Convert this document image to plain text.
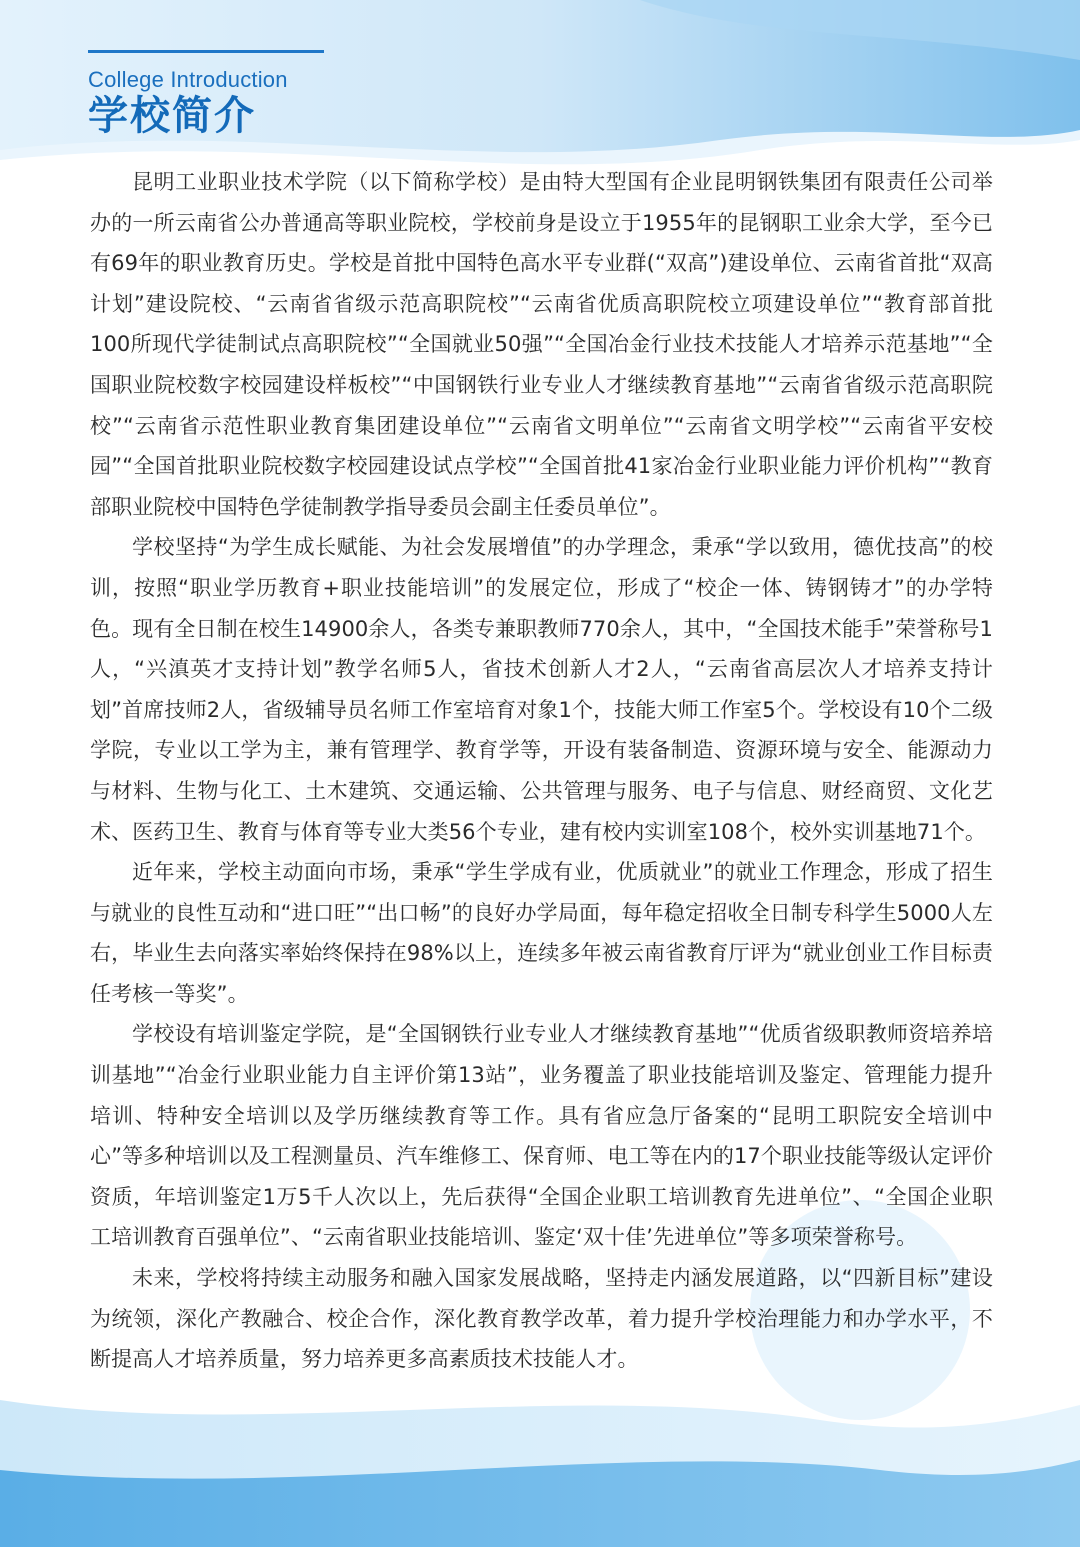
College Introduction
学校简介

昆明工业职业技术学院（以下简称学校）是由特大型国有企业昆明钢铁集团有限责任公司举办的一所云南省公办普通高等职业院校，学校前身是设立于1955年的昆钢职工业余大学，至今已有69年的职业教育历史。学校是首批中国特色高水平专业群(“双高”)建设单位、云南省首批“双高计划”建设院校、“云南省省级示范高职院校”“云南省优质高职院校立项建设单位”“教育部首批100所现代学徒制试点高职院校”“全国就业50强”“全国冶金行业技术技能人才培养示范基地”“全国职业院校数字校园建设样板校”“中国钢铁行业专业人才继续教育基地”“云南省省级示范高职院校”“云南省示范性职业教育集团建设单位”“云南省文明单位”“云南省文明学校”“云南省平安校园”“全国首批职业院校数字校园建设试点学校”“全国首批41家冶金行业职业能力评价机构”“教育部职业院校中国特色学徒制教学指导委员会副主任委员单位”。

学校坚持“为学生成长赋能、为社会发展增值”的办学理念，秉承“学以致用，德优技高”的校训，按照“职业学历教育+职业技能培训”的发展定位，形成了“校企一体、铸钢铸才”的办学特色。现有全日制在校生14900余人，各类专兼职教师770余人，其中，“全国技术能手”荣誉称号1人，“兴滇英才支持计划”教学名师5人，省技术创新人才2人，“云南省高层次人才培养支持计划”首席技师2人，省级辅导员名师工作室培育对象1个，技能大师工作室5个。学校设有10个二级学院，专业以工学为主，兼有管理学、教育学等，开设有装备制造、资源环境与安全、能源动力与材料、生物与化工、土木建筑、交通运输、公共管理与服务、电子与信息、财经商贸、文化艺术、医药卫生、教育与体育等专业大类56个专业，建有校内实训室108个，校外实训基地71个。

近年来，学校主动面向市场，秉承“学生学成有业，优质就业”的就业工作理念，形成了招生与就业的良性互动和“进口旺”“出口畅”的良好办学局面，每年稳定招收全日制专科学生5000人左右，毕业生去向落实率始终保持在98%以上，连续多年被云南省教育厅评为“就业创业工作目标责任考核一等奖”。

学校设有培训鉴定学院，是“全国钢铁行业专业人才继续教育基地”“优质省级职教师资培养培训基地”“冶金行业职业能力自主评价第13站”，业务覆盖了职业技能培训及鉴定、管理能力提升培训、特种安全培训以及学历继续教育等工作。具有省应急厅备案的“昆明工职院安全培训中心”等多种培训以及工程测量员、汽车维修工、保育师、电工等在内的17个职业技能等级认定评价资质，年培训鉴定1万5千人次以上，先后获得“全国企业职工培训教育先进单位”、“全国企业职工培训教育百强单位”、“云南省职业技能培训、鉴定‘双十佳’先进单位”等多项荣誉称号。

未来，学校将持续主动服务和融入国家发展战略，坚持走内涵发展道路，以“四新目标”建设为统领，深化产教融合、校企合作，深化教育教学改革，着力提升学校治理能力和办学水平，不断提高人才培养质量，努力培养更多高素质技术技能人才。
